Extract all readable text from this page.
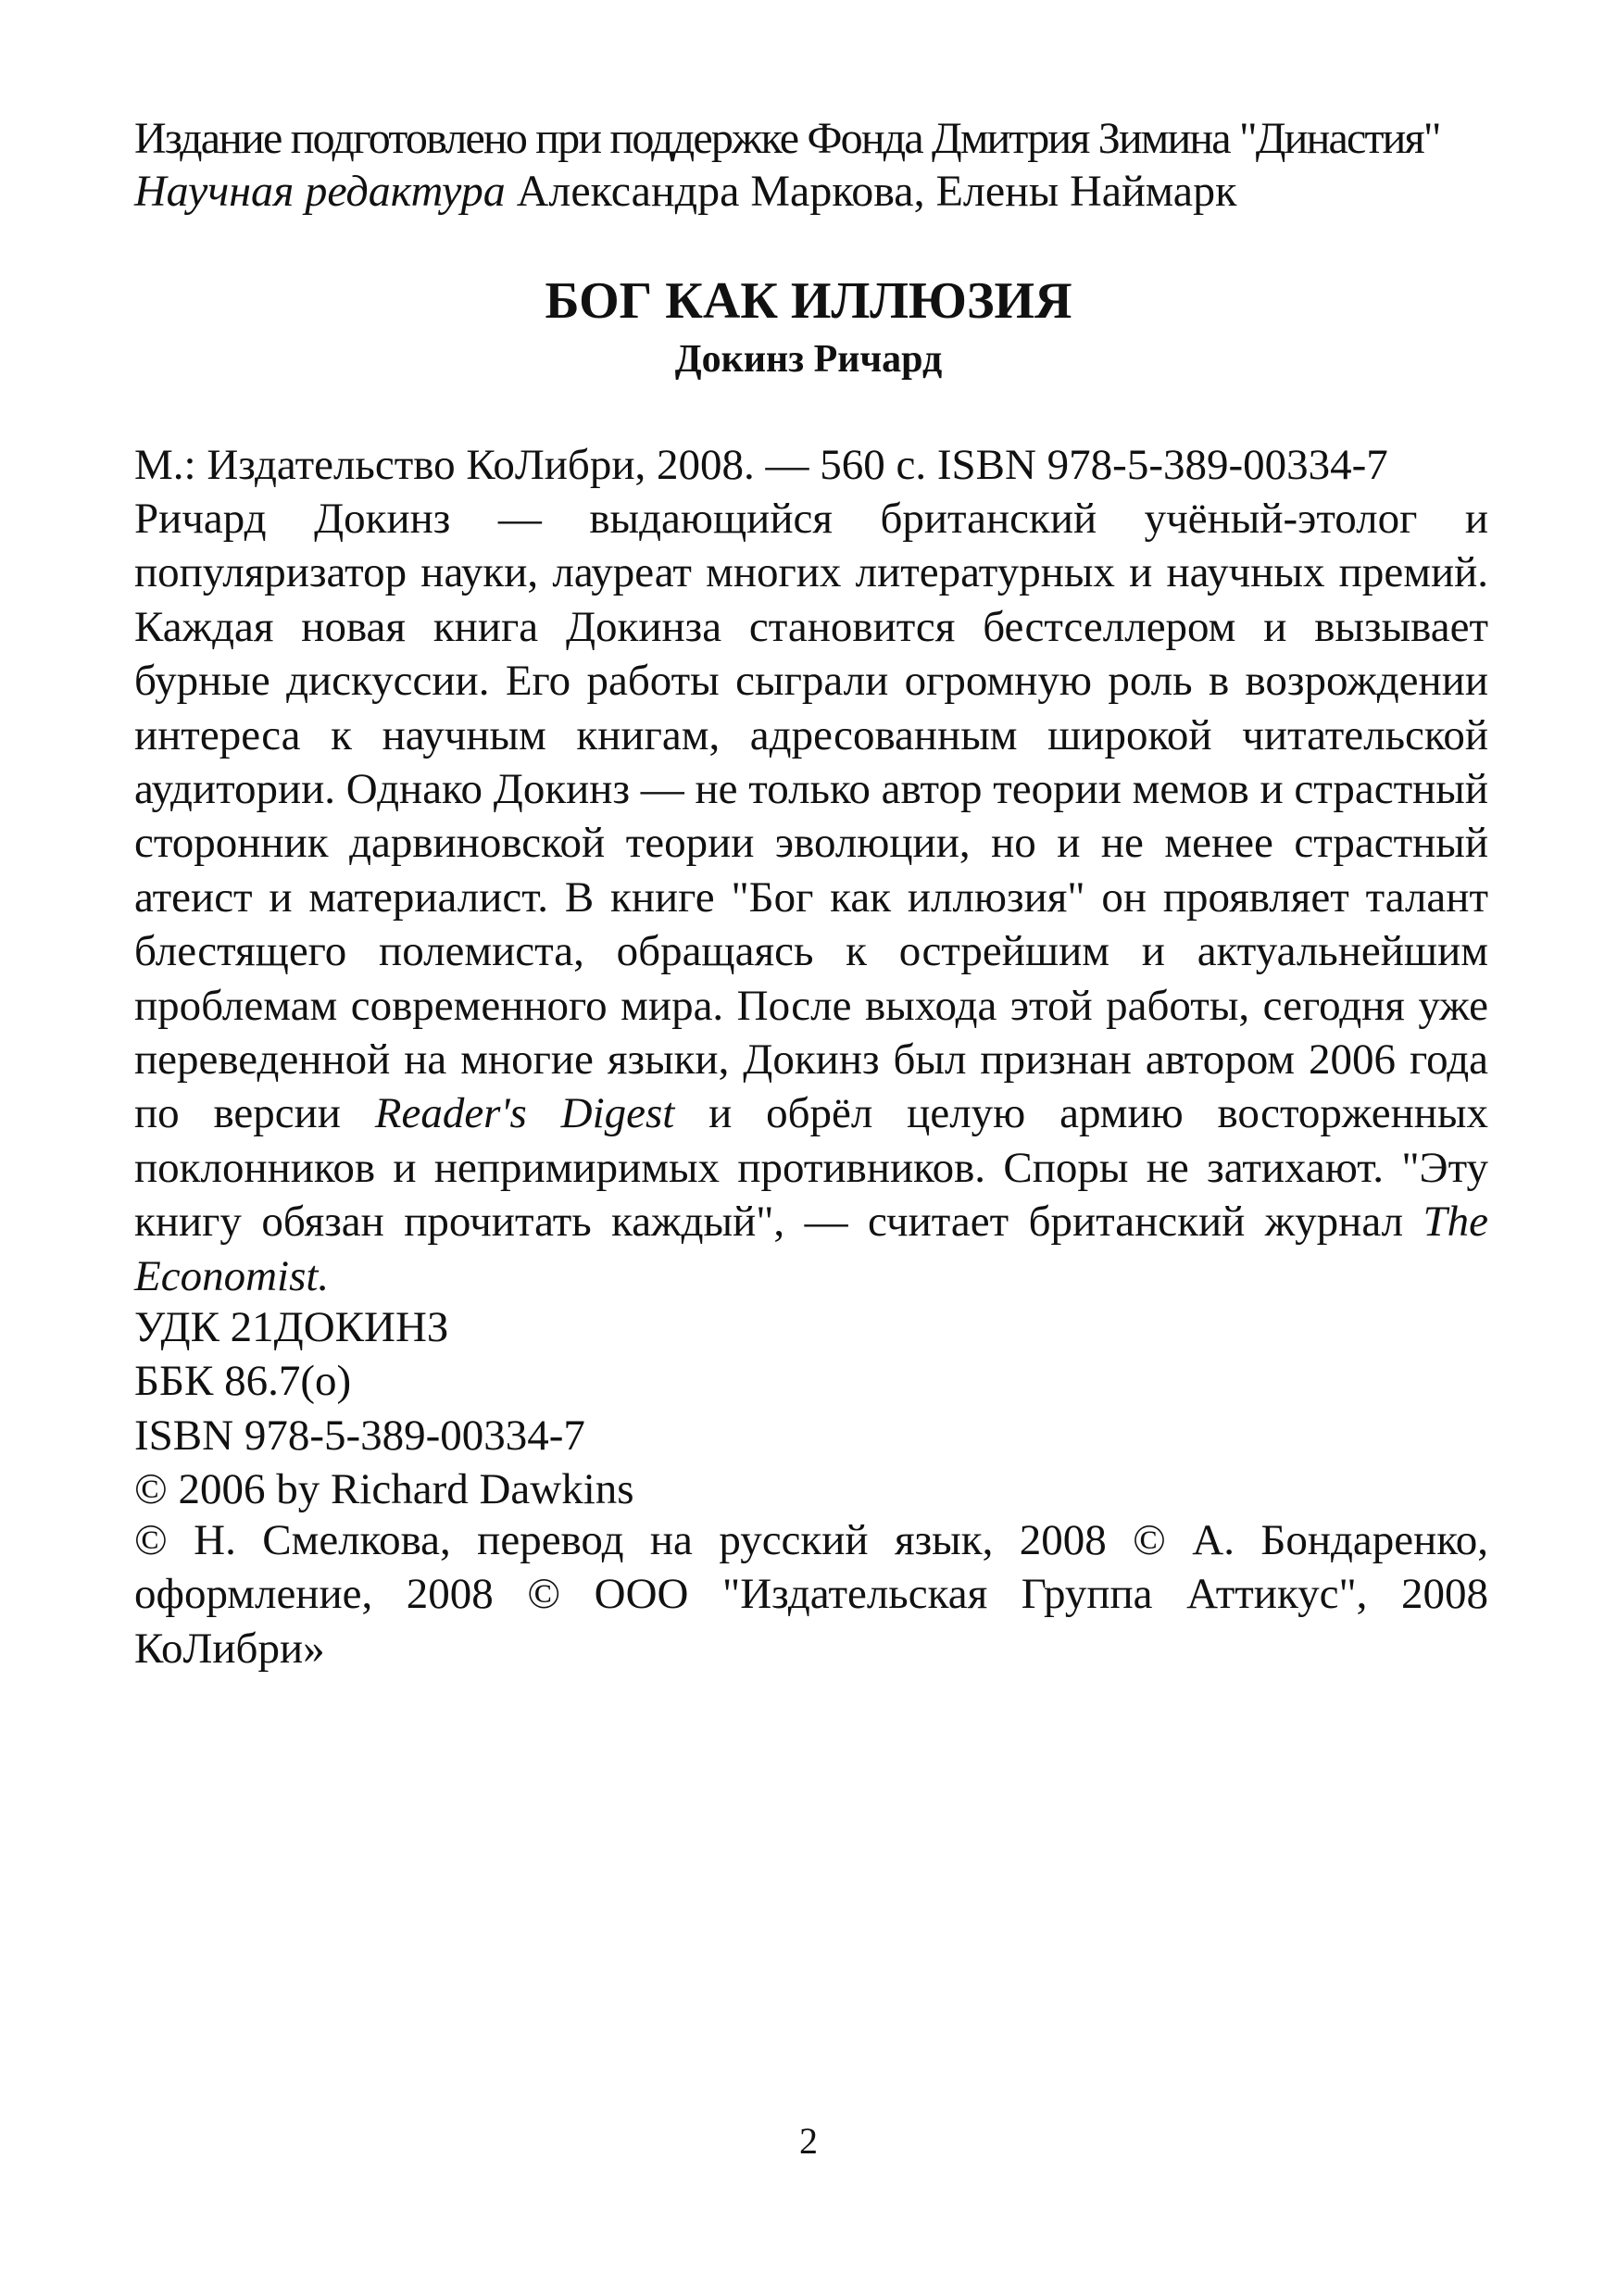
Издание подготовлено при поддержке Фонда Дмитрия Зимина "Династия"
Научная редактура Александра Маркова, Елены Наймарк
БОГ КАК ИЛЛЮЗИЯ
Докинз Ричард
М.: Издательство КоЛибри, 2008. — 560 с. ISBN 978-5-389-00334-7
Ричард Докинз — выдающийся британский учёный-этолог и популяризатор науки, лауреат многих литературных и научных премий. Каждая новая книга Докинза становится бестселлером и вызывает бурные дискуссии. Его работы сыграли огромную роль в возрождении интереса к научным книгам, адресованным широкой читательской аудитории. Однако Докинз — не только автор теории мемов и страстный сторонник дарвиновской теории эволюции, но и не менее страстный атеист и материалист. В книге "Бог как иллюзия" он проявляет талант блестящего полемиста, обращаясь к острейшим и актуальнейшим проблемам современного мира. После выхода этой работы, сегодня уже переведенной на многие языки, Докинз был признан автором 2006 года по версии Reader's Digest и обрёл целую армию восторженных поклонников и непримиримых противников. Споры не затихают. "Эту книгу обязан прочитать каждый", — считает британский журнал The Economist.
УДК 21ДОКИНЗ
ББК 86.7(о)
ISBN 978-5-389-00334-7
© 2006 by Richard Dawkins
© Н. Смелкова, перевод на русский язык, 2008 © А. Бондаренко, оформление, 2008 © ООО "Издательская Группа Аттикус", 2008 КоЛибри»
2
